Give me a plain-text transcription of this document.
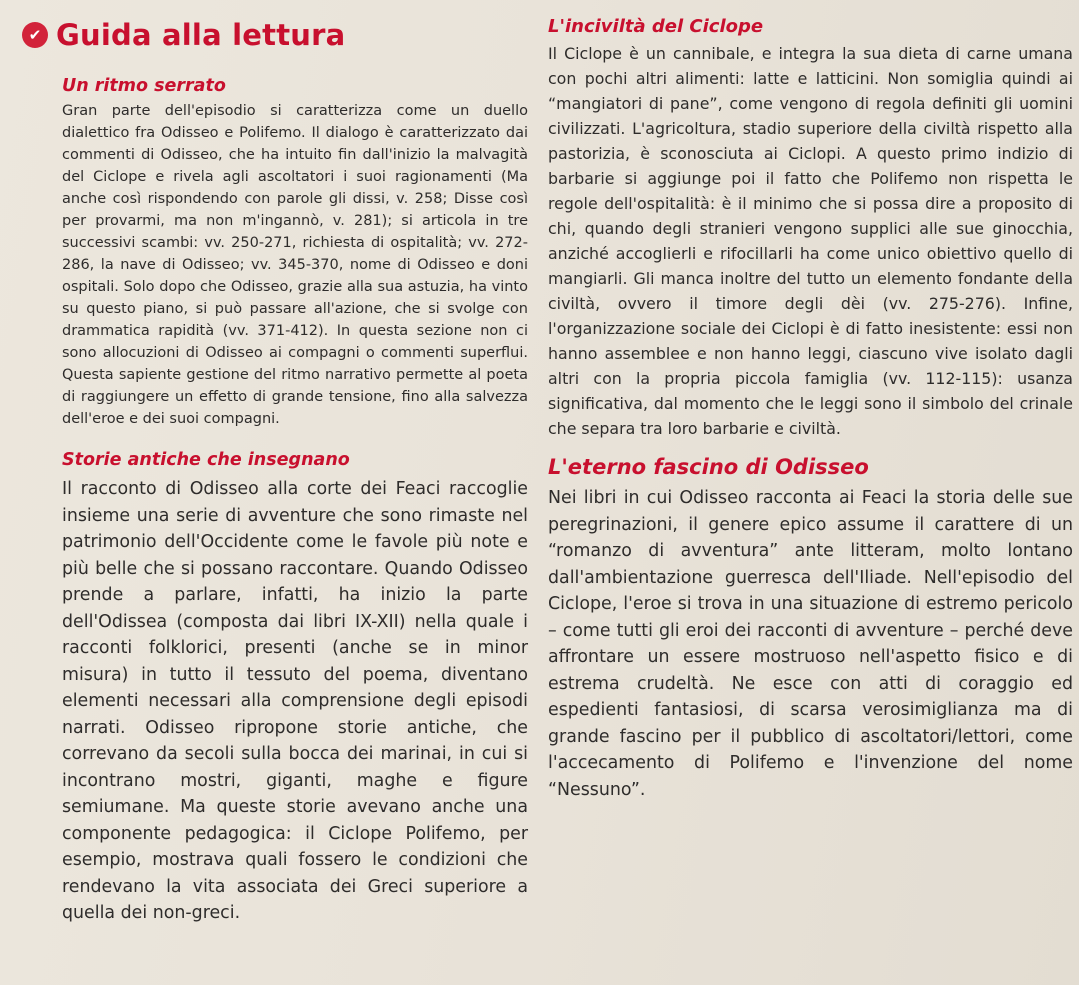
✔ Guida alla lettura
Un ritmo serrato

Gran parte dell'episodio si caratterizza come un duello dialettico fra Odisseo e Polifemo. Il dialogo è caratterizzato dai commenti di Odisseo, che ha intuito fin dall'inizio la malvagità del Ciclope e rivela agli ascoltatori i suoi ragionamenti (Ma anche così rispondendo con parole gli dissi, v. 258; Disse così per provarmi, ma non m'ingannò, v. 281); si articola in tre successivi scambi: vv. 250-271, richiesta di ospitalità; vv. 272-286, la nave di Odisseo; vv. 345-370, nome di Odisseo e doni ospitali. Solo dopo che Odisseo, grazie alla sua astuzia, ha vinto su questo piano, si può passare all'azione, che si svolge con drammatica rapidità (vv. 371-412). In questa sezione non ci sono allocuzioni di Odisseo ai compagni o commenti superflui. Questa sapiente gestione del ritmo narrativo permette al poeta di raggiungere un effetto di grande tensione, fino alla salvezza dell'eroe e dei suoi compagni.

Storie antiche che insegnano

Il racconto di Odisseo alla corte dei Feaci raccoglie insieme una serie di avventure che sono rimaste nel patrimonio dell'Occidente come le favole più note e più belle che si possano raccontare. Quando Odisseo prende a parlare, infatti, ha inizio la parte dell'Odissea (composta dai libri IX-XII) nella quale i racconti folklorici, presenti (anche se in minor misura) in tutto il tessuto del poema, diventano elementi necessari alla comprensione degli episodi narrati. Odisseo ripropone storie antiche, che correvano da secoli sulla bocca dei marinai, in cui si incontrano mostri, giganti, maghe e figure semiumane. Ma queste storie avevano anche una componente pedagogica: il Ciclope Polifemo, per esempio, mostrava quali fossero le condizioni che rendevano la vita associata dei Greci superiore a quella dei non-greci.

L'inciviltà del Ciclope

Il Ciclope è un cannibale, e integra la sua dieta di carne umana con pochi altri alimenti: latte e latticini. Non somiglia quindi ai “mangiatori di pane”, come vengono di regola definiti gli uomini civilizzati. L'agricoltura, stadio superiore della civiltà rispetto alla pastorizia, è sconosciuta ai Ciclopi. A questo primo indizio di barbarie si aggiunge poi il fatto che Polifemo non rispetta le regole dell'ospitalità: è il minimo che si possa dire a proposito di chi, quando degli stranieri vengono supplici alle sue ginocchia, anziché accoglierli e rifocillarli ha come unico obiettivo quello di mangiarli. Gli manca inoltre del tutto un elemento fondante della civiltà, ovvero il timore degli dèi (vv. 275-276). Infine, l'organizzazione sociale dei Ciclopi è di fatto inesistente: essi non hanno assemblee e non hanno leggi, ciascuno vive isolato dagli altri con la propria piccola famiglia (vv. 112-115): usanza significativa, dal momento che le leggi sono il simbolo del crinale che separa tra loro barbarie e civiltà.

L'eterno fascino di Odisseo

Nei libri in cui Odisseo racconta ai Feaci la storia delle sue peregrinazioni, il genere epico assume il carattere di un “romanzo di avventura” ante litteram, molto lontano dall'ambientazione guerresca dell'Iliade. Nell'episodio del Ciclope, l'eroe si trova in una situazione di estremo pericolo – come tutti gli eroi dei racconti di avventure – perché deve affrontare un essere mostruoso nell'aspetto fisico e di estrema crudeltà. Ne esce con atti di coraggio ed espedienti fantasiosi, di scarsa verosimiglianza ma di grande fascino per il pubblico di ascoltatori/lettori, come l'accecamento di Polifemo e l'invenzione del nome “Nessuno”.
